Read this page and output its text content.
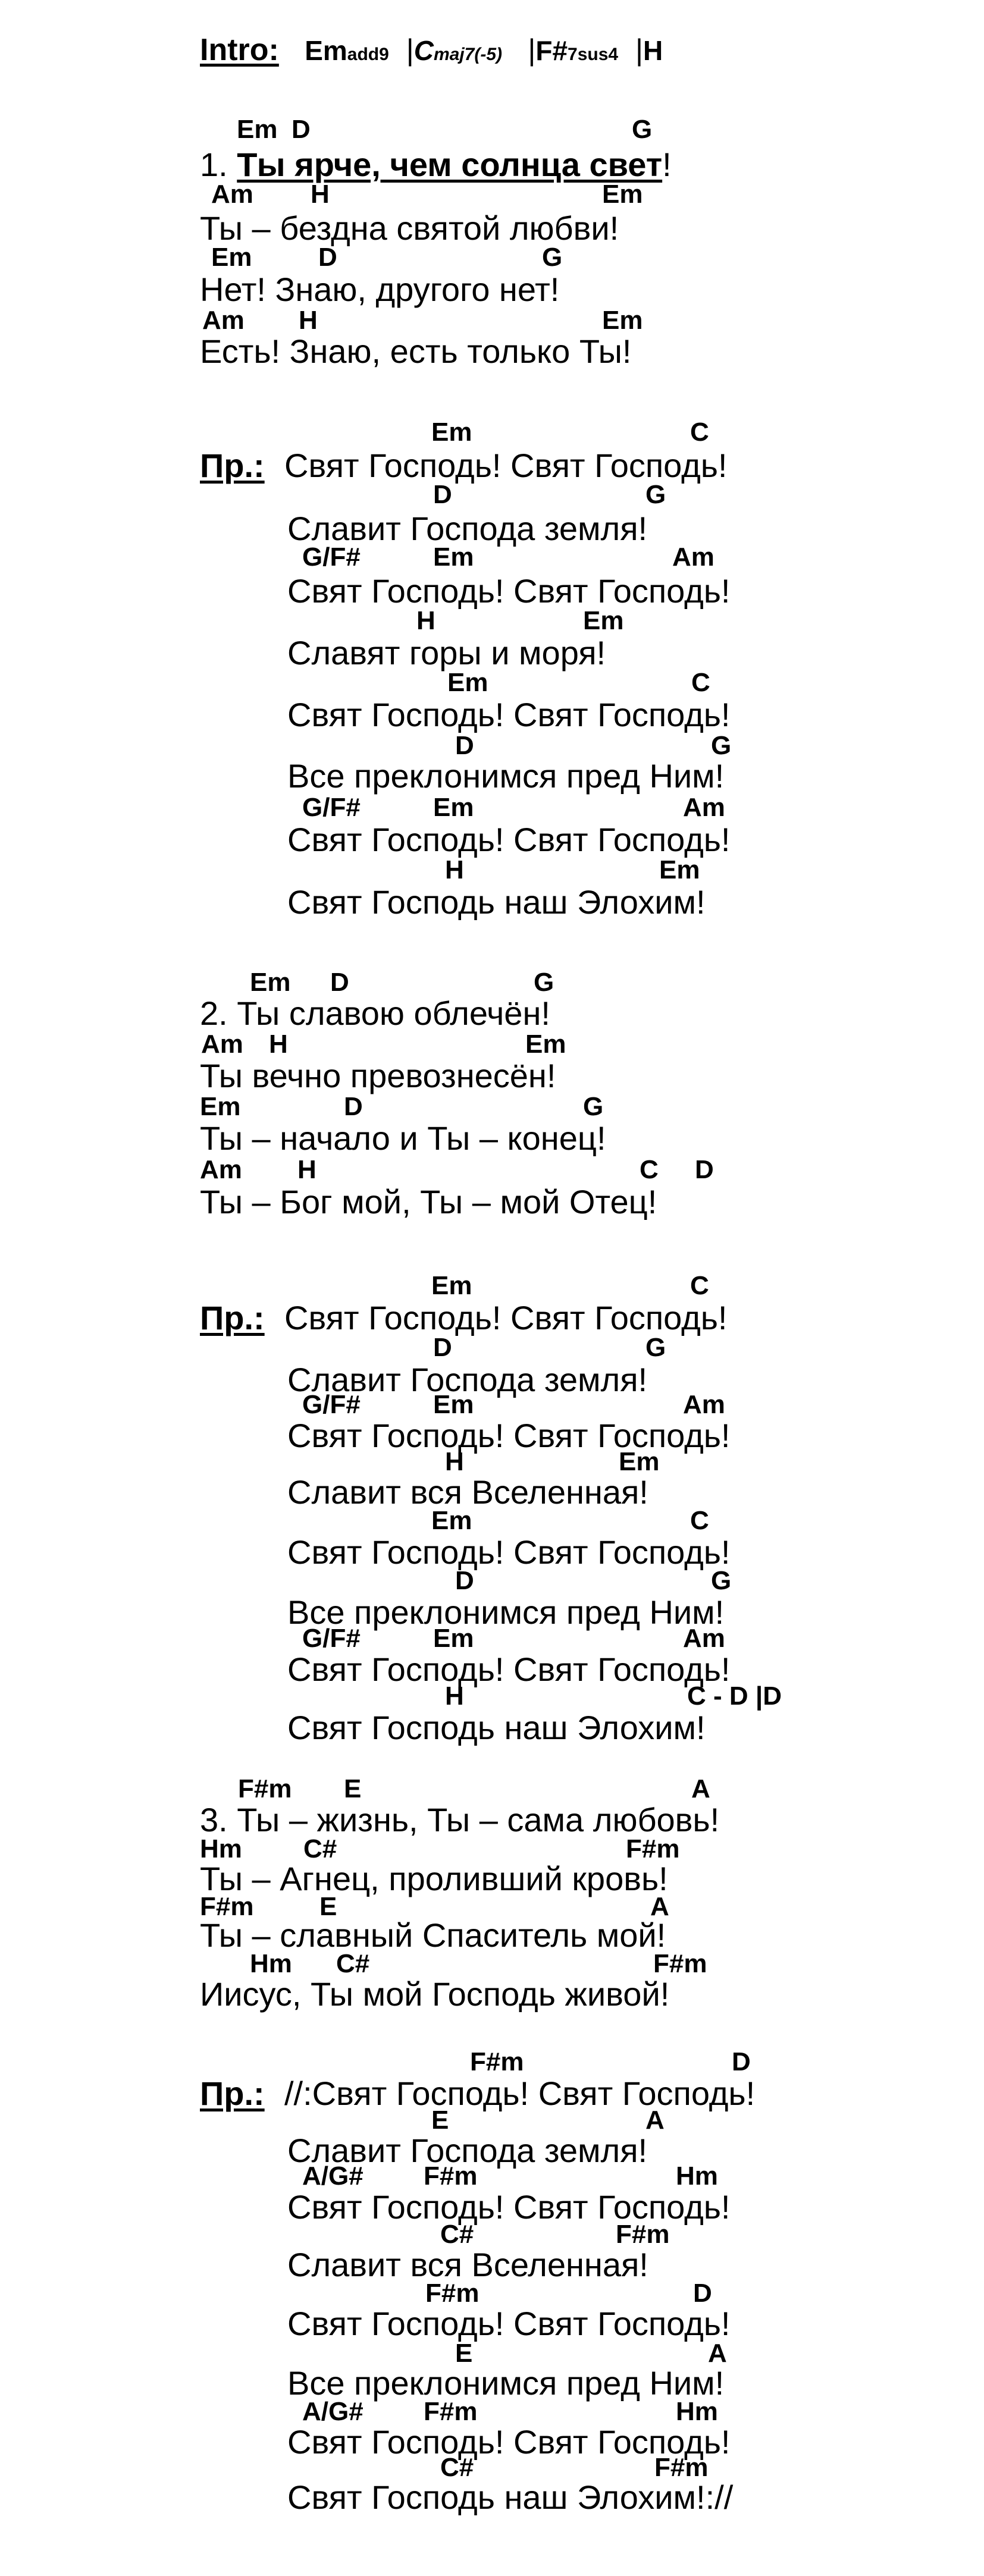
Intro: Emadd9 |Cmaj7(-5) |F#7sus4 |H
Em D	G
1. Ты ярче, чем солнца свет!
Am H	Em
Ты – бездна святой любви!
Em	D	G
Нет! Знаю, другого нет!
Am H	Em
Есть! Знаю, есть только Ты!
Em	C
Пр.: Свят Господь! Свят Господь!
D	G
Славит Господа земля!
G/F#	Em	Am
Свят Господь! Свят Господь!
H	Em
Славят горы и моря!
Em	C
Свят Господь! Свят Господь!
D	G
Все преклонимся пред Ним!
G/F#	Em	Am
Свят Господь! Свят Господь!
H	Em
Свят Господь наш Элохим!
Em D	G
2. Ты славою облечён!
Am H	Em
Ты вечно превознесён!
Em	D	G
Ты – начало и Ты – конец!
Am H	C D
Ты – Бог мой, Ты – мой Отец!
Em	C
Пр.: Свят Господь! Свят Господь!
D	G
Славит Господа земля!
G/F#	Em	Am
Свят Господь! Свят Господь!
H	Em
Славит вся Вселенная!
Em	C
Свят Господь! Свят Господь!
D	G
Все преклонимся пред Ним!
G/F#	Em	Am
Свят Господь! Свят Господь!
H	C - D |D
Свят Господь наш Элохим!
F#m E	A
3. Ты – жизнь, Ты – сама любовь!
Hm C#	F#m
Ты – Агнец, проливший кровь!
F#m	E	A
Ты – славный Спаситель мой!
Hm C#	F#m
Иисус, Ты мой Господь живой!
F#m	D
Пр.: //:Свят Господь! Свят Господь!
E	A
Славит Господа земля!
A/G# F#m	Hm
Свят Господь! Свят Господь!
C#	F#m
Славит вся Вселенная!
F#m	D
Свят Господь! Свят Господь!
E	A
Все преклонимся пред Ним!
A/G# F#m	Hm
Свят Господь! Свят Господь!
C#	F#m
Свят Господь наш Элохим!://
